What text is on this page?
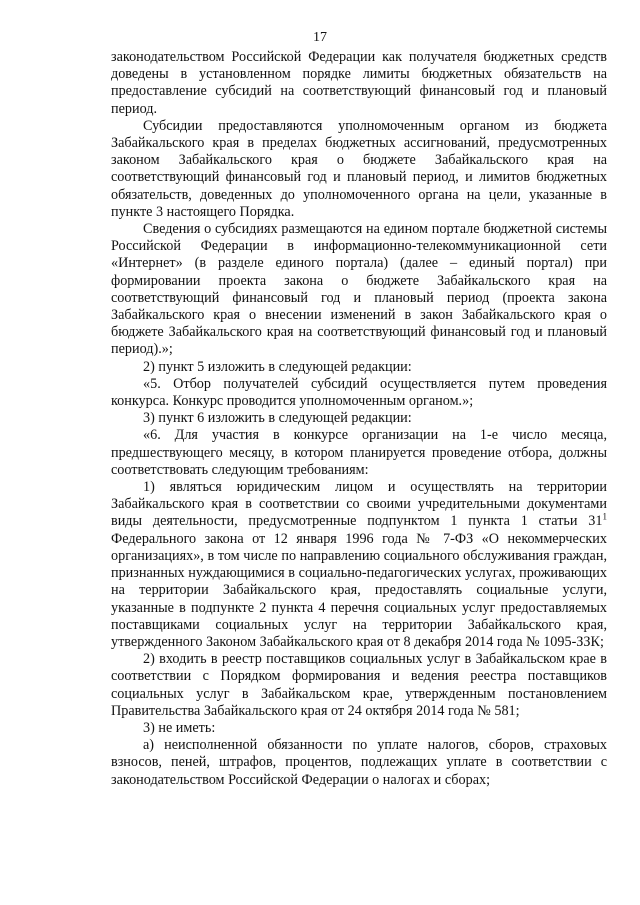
17

законодательством Российской Федерации как получателя бюджетных средств доведены в установленном порядке лимиты бюджетных обязательств на предоставление субсидий на соответствующий финансовый год и плановый период.

Субсидии предоставляются уполномоченным органом из бюджета Забайкальского края в пределах бюджетных ассигнований, предусмотренных законом Забайкальского края о бюджете Забайкальского края на соответствующий финансовый год и плановый период, и лимитов бюджетных обязательств, доведенных до уполномоченного органа на цели, указанные в пункте 3 настоящего Порядка.

Сведения о субсидиях размещаются на едином портале бюджетной системы Российской Федерации в информационно-телекоммуникационной сети «Интернет» (в разделе единого портала) (далее – единый портал) при формировании проекта закона о бюджете Забайкальского края на соответствующий финансовый год и плановый период (проекта закона Забайкальского края о внесении изменений в закон Забайкальского края о бюджете Забайкальского края на соответствующий финансовый год и плановый период).»;

2) пункт 5 изложить в следующей редакции:

«5. Отбор получателей субсидий осуществляется путем проведения конкурса. Конкурс проводится уполномоченным органом.»;

3) пункт 6 изложить в следующей редакции:

«6. Для участия в конкурсе организации на 1-е число месяца, предшествующего месяцу, в котором планируется проведение отбора, должны соответствовать следующим требованиям:

1) являться юридическим лицом и осуществлять на территории Забайкальского края в соответствии со своими учредительными документами виды деятельности, предусмотренные подпунктом 1 пункта 1 статьи $31^1$ Федерального закона от 12 января 1996 года № 7-ФЗ «О некоммерческих организациях», в том числе по направлению социального обслуживания граждан, признанных нуждающимися в социально-педагогических услугах, проживающих на территории Забайкальского края, предоставлять социальные услуги, указанные в подпункте 2 пункта 4 перечня социальных услуг предоставляемых поставщиками социальных услуг на территории Забайкальского края, утвержденного Законом Забайкальского края от 8 декабря 2014 года № 1095-ЗЗК;

2) входить в реестр поставщиков социальных услуг в Забайкальском крае в соответствии с Порядком формирования и ведения реестра поставщиков социальных услуг в Забайкальском крае, утвержденным постановлением Правительства Забайкальского края от 24 октября 2014 года № 581;

3) не иметь:

а) неисполненной обязанности по уплате налогов, сборов, страховых взносов, пеней, штрафов, процентов, подлежащих уплате в соответствии с законодательством Российской Федерации о налогах и сборах;
